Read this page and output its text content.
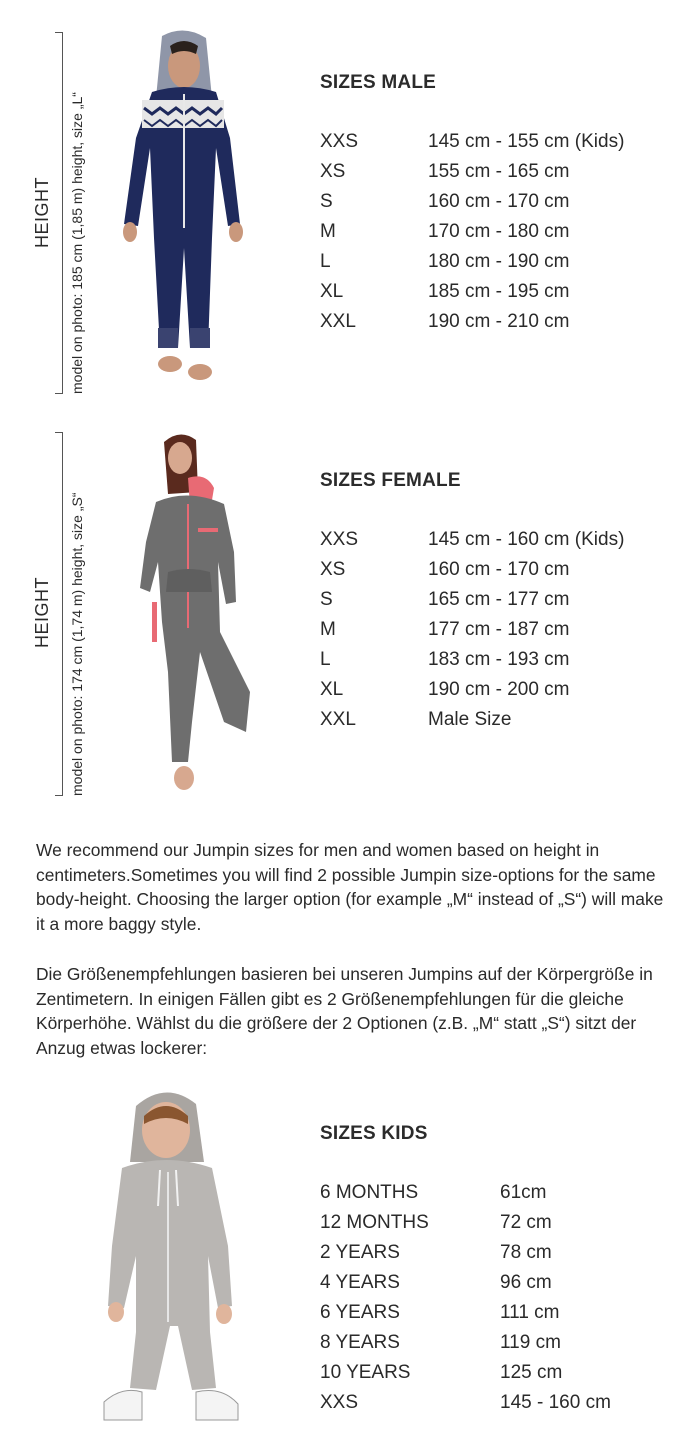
HEIGHT model on photo: 185 cm (1,85 m) height, size „L“
SIZES MALE
XXS	145 cm - 155 cm (Kids)
XS	155 cm - 165 cm
S	160 cm - 170 cm
M	170 cm - 180 cm
L	180 cm - 190 cm
XL	185 cm - 195 cm
XXL	190 cm - 210 cm
HEIGHT model on photo: 174 cm (1,74 m) height, size „S“
SIZES FEMALE
XXS	145 cm - 160 cm (Kids)
XS	160 cm - 170 cm
S	165 cm - 177 cm
M	177 cm - 187 cm
L	183 cm - 193 cm
XL	190 cm - 200 cm
XXL	Male Size

We recommend our Jumpin sizes for men and women based on height in centimeters.Sometimes you will find 2 possible Jumpin size-options for the same body-height. Choosing the larger option (for example „M“ instead of „S“) will make it a more baggy style.

Die Größenempfehlungen basieren bei unseren Jumpins auf der Körpergröße in Zentimetern. In einigen Fällen gibt es 2 Größenempfehlungen für die gleiche Körperhöhe. Wählst du die größere der 2 Optionen (z.B. „M“ statt „S“) sitzt der Anzug etwas lockerer:

SIZES KIDS
6 MONTHS	61cm
12 MONTHS	72 cm
2 YEARS	78 cm
4 YEARS	96 cm
6 YEARS	111 cm
8 YEARS	119 cm
10 YEARS	125 cm
XXS	145 - 160 cm
